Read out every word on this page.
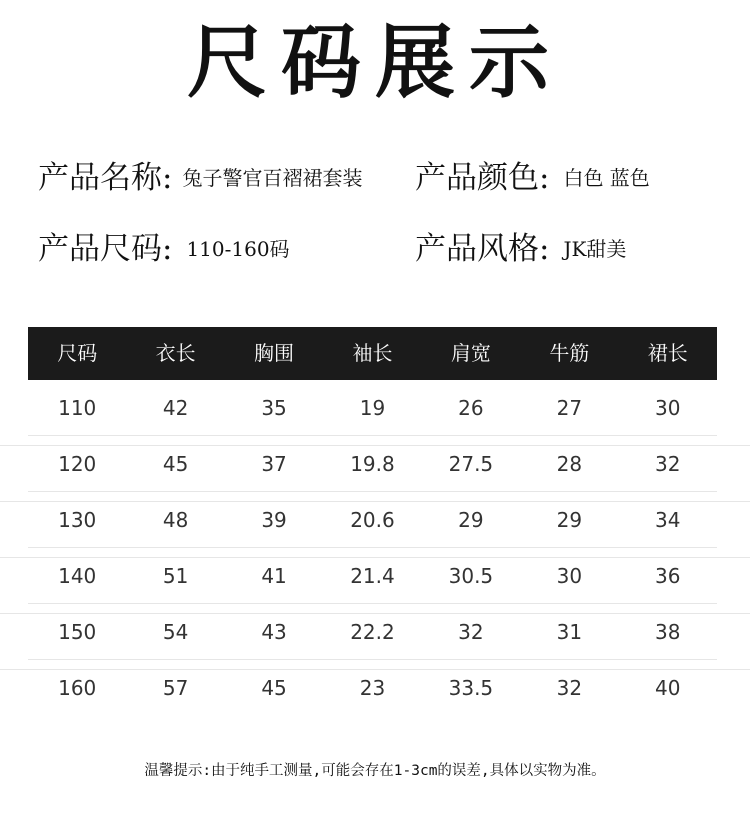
尺码展示
产品名称: 兔子警官百褶裙套装 产品颜色: 白色 蓝色
产品尺码: 110-160码	产品风格: JK甜美
尺码	衣长	胸围	袖长	肩宽	牛筋	裙长
110	42	35	19	26	27	30
120	45	37	19.8	27.5	28	32
130	48	39	20.6	29	29	34
140	51	41	21.4	30.5	30	36
150	54	43	22.2	32	31	38
160	57	45	23	33.5	32	40
温馨提示:由于纯手工测量,可能会存在1-3cm的误差,具体以实物为准。
